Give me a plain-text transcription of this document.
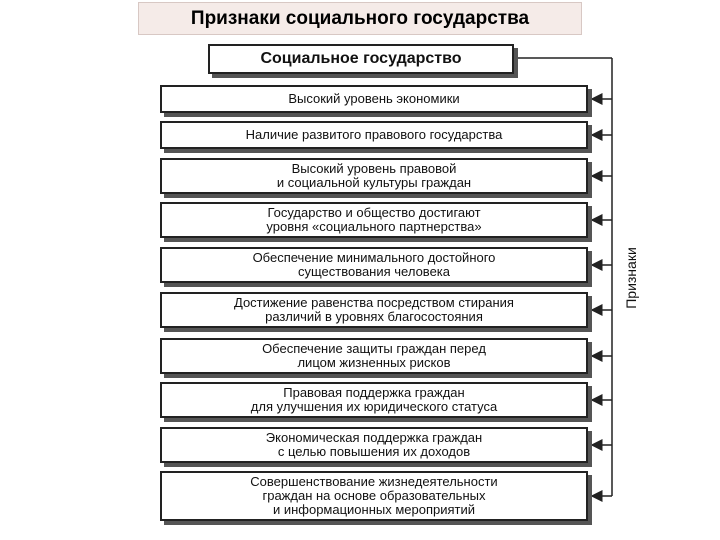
Признаки социального государства
Социальное государство
Высокий уровень экономики
Наличие развитого правового государства
Высокий уровень правовой
и социальной культуры граждан
Государство и общество достигают
уровня «социального партнерства»
Обеспечение минимального достойного
существования человека
Достижение равенства посредством стирания
различий в уровнях благосостояния
Обеспечение защиты граждан перед
лицом жизненных рисков
Правовая поддержка граждан
для улучшения их юридического статуса
Экономическая поддержка граждан
с целью повышения их доходов
Совершенствование жизнедеятельности
граждан на основе образовательных
и информационных мероприятий
Признаки
